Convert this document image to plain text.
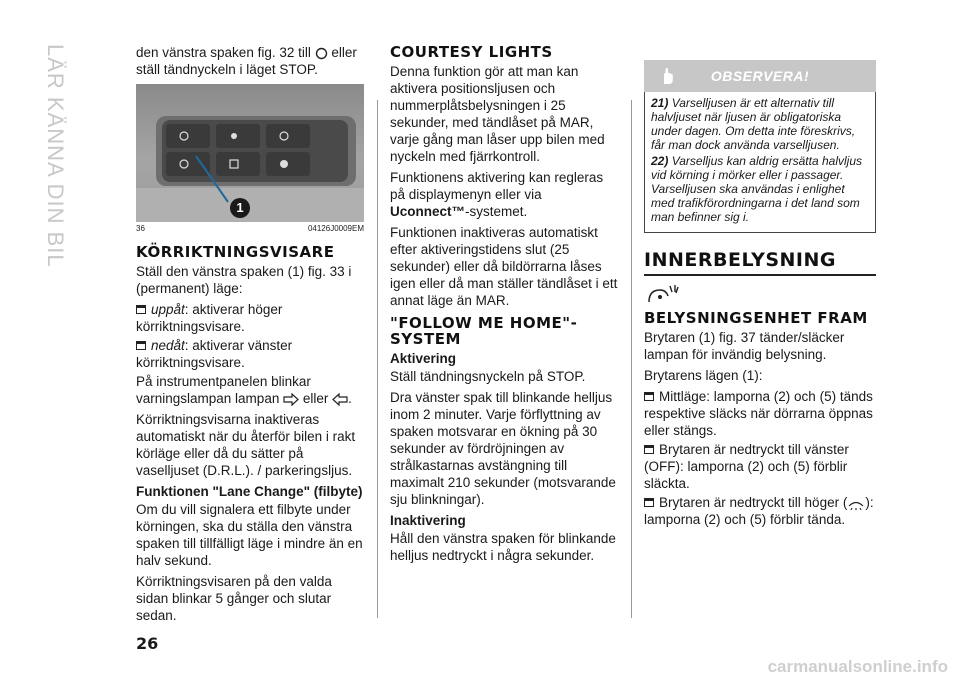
LÄR KÄNNA DIN BIL	den vänstra spaken fig. 32 till eller ställ tändnyckeln i läget STOP.

1
36	04126J0009EM
KÖRRIKTNINGSVISARE

Ställ den vänstra spaken (1) fig. 33 i (permanent) läge:

uppåt: aktiverar höger körriktningsvisare.

nedåt: aktiverar vänster körriktningsvisare.

På instrumentpanelen blinkar varningslampan lampan eller .

Körriktningsvisarna inaktiveras automatiskt när du återför bilen i rakt körläge eller då du sätter på vaselljuset (D.R.L.). / parkeringsljus.

Funktionen "Lane Change" (filbyte)

Om du vill signalera ett filbyte under körningen, ska du ställa den vänstra spaken till tillfälligt läge i mindre än en halv sekund.

Körriktningsvisaren på den valda sidan blinkar 5 gånger och slutar sedan.

COURTESY LIGHTS

Denna funktion gör att man kan aktivera positionsljusen och nummerplåtsbelysningen i 25 sekunder, med tändlåset på MAR, varje gång man låser upp bilen med nyckeln med fjärrkontroll.

Funktionens aktivering kan regleras på displaymenyn eller via Uconnect™-systemet.

Funktionen inaktiveras automatiskt efter aktiveringstidens slut (25 sekunder) eller då bildörrarna låses igen eller då man ställer tändlåset i ett annat läge än MAR.

"FOLLOW ME HOME"-SYSTEM
Aktivering

Ställ tändningsnyckeln på STOP.

Dra vänster spak till blinkande helljus inom 2 minuter. Varje förflyttning av spaken motsvarar en ökning på 30 sekunder av fördröjningen av strålkastarnas avstängning till maximalt 210 sekunder (motsvarande sju blinkningar).

Inaktivering

Håll den vänstra spaken för blinkande helljus nedtryckt i några sekunder.

OBSERVERA!

21) Varselljusen är ett alternativ till halvljuset när ljusen är obligatoriska under dagen. Om detta inte föreskrivs, får man dock använda varselljusen.

22) Varselljus kan aldrig ersätta halvljus vid körning i mörker eller i passager. Varselljusen ska användas i enlighet med trafikförordningarna i det land som man befinner sig i.

INNERBELYSNING
BELYSNINGSENHET FRAM

Brytaren (1) fig. 37 tänder/släcker lampan för invändig belysning.

Brytarens lägen (1):

Mittläge: lamporna (2) och (5) tänds respektive släcks när dörrarna öppnas eller stängs.

Brytaren är nedtryckt till vänster (OFF): lamporna (2) och (5) förblir släckta.

Brytaren är nedtryckt till höger ( ): lamporna (2) och (5) förblir tända.

26
carmanualsonline.info
